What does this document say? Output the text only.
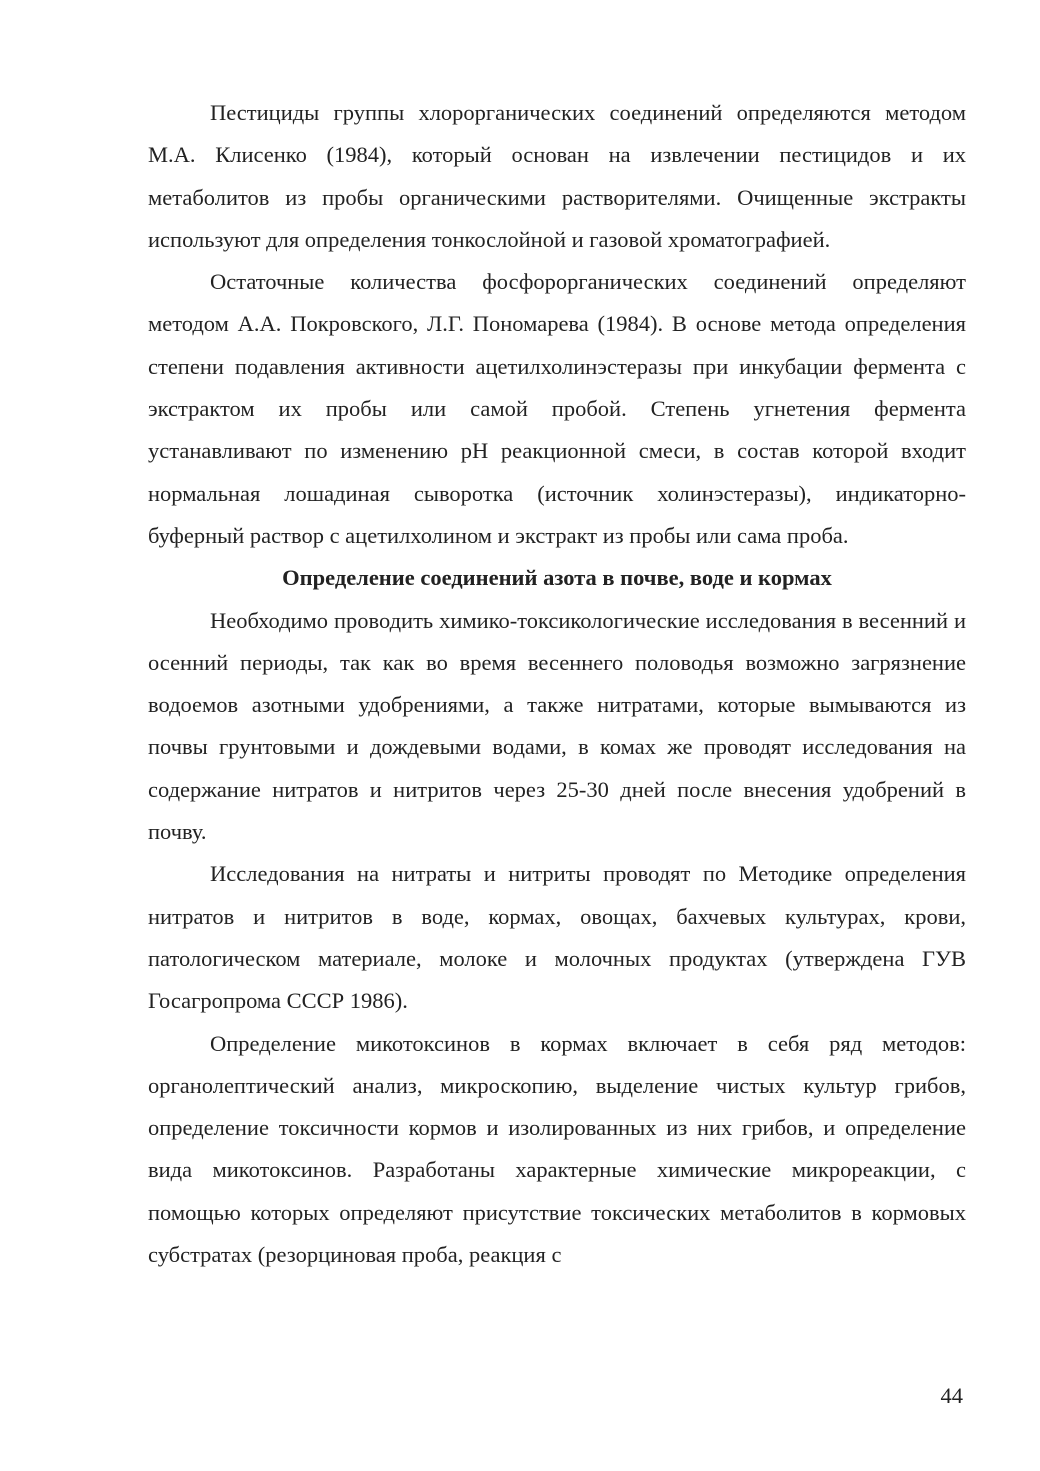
Пестициды группы хлорорганических соединений определяются методом М.А. Клисенко (1984), который основан на извлечении пестицидов и их метаболитов из пробы органическими растворителями. Очищенные экстракты используют для определения тонкослойной и газовой хроматографией.

Остаточные количества фосфорорганических соединений определяют методом А.А. Покровского, Л.Г. Пономарева (1984). В основе метода определения степени подавления активности ацетилхолинэстеразы при инкубации фермента с экстрактом их пробы или самой пробой. Степень угнетения фермента устанавливают по изменению рН реакционной смеси, в состав которой входит нормальная лошадиная сыворотка (источник холинэстеразы), индикаторно-буферный раствор с ацетилхолином и экстракт из пробы или сама проба.

Определение соединений азота в почве, воде и кормах

Необходимо проводить химико-токсикологические исследования в весенний и осенний периоды, так как во время весеннего половодья возможно загрязнение водоемов азотными удобрениями, а также нитратами, которые вымываются из почвы грунтовыми и дождевыми водами, в комах же проводят исследования на содержание нитратов и нитритов через 25-30 дней после внесения удобрений в почву.

Исследования на нитраты и нитриты проводят по Методике определения нитратов и нитритов в воде, кормах, овощах, бахчевых культурах, крови, патологическом материале, молоке и молочных продуктах (утверждена ГУВ Госагропрома СССР 1986).

Определение микотоксинов в кормах включает в себя ряд методов: органолептический анализ, микроскопию, выделение чистых культур грибов, определение токсичности кормов и изолированных из них грибов, и определение вида микотоксинов. Разработаны характерные химические микрореакции, с помощью которых определяют присутствие токсических метаболитов в кормовых субстратах (резорциновая проба, реакция с

44
